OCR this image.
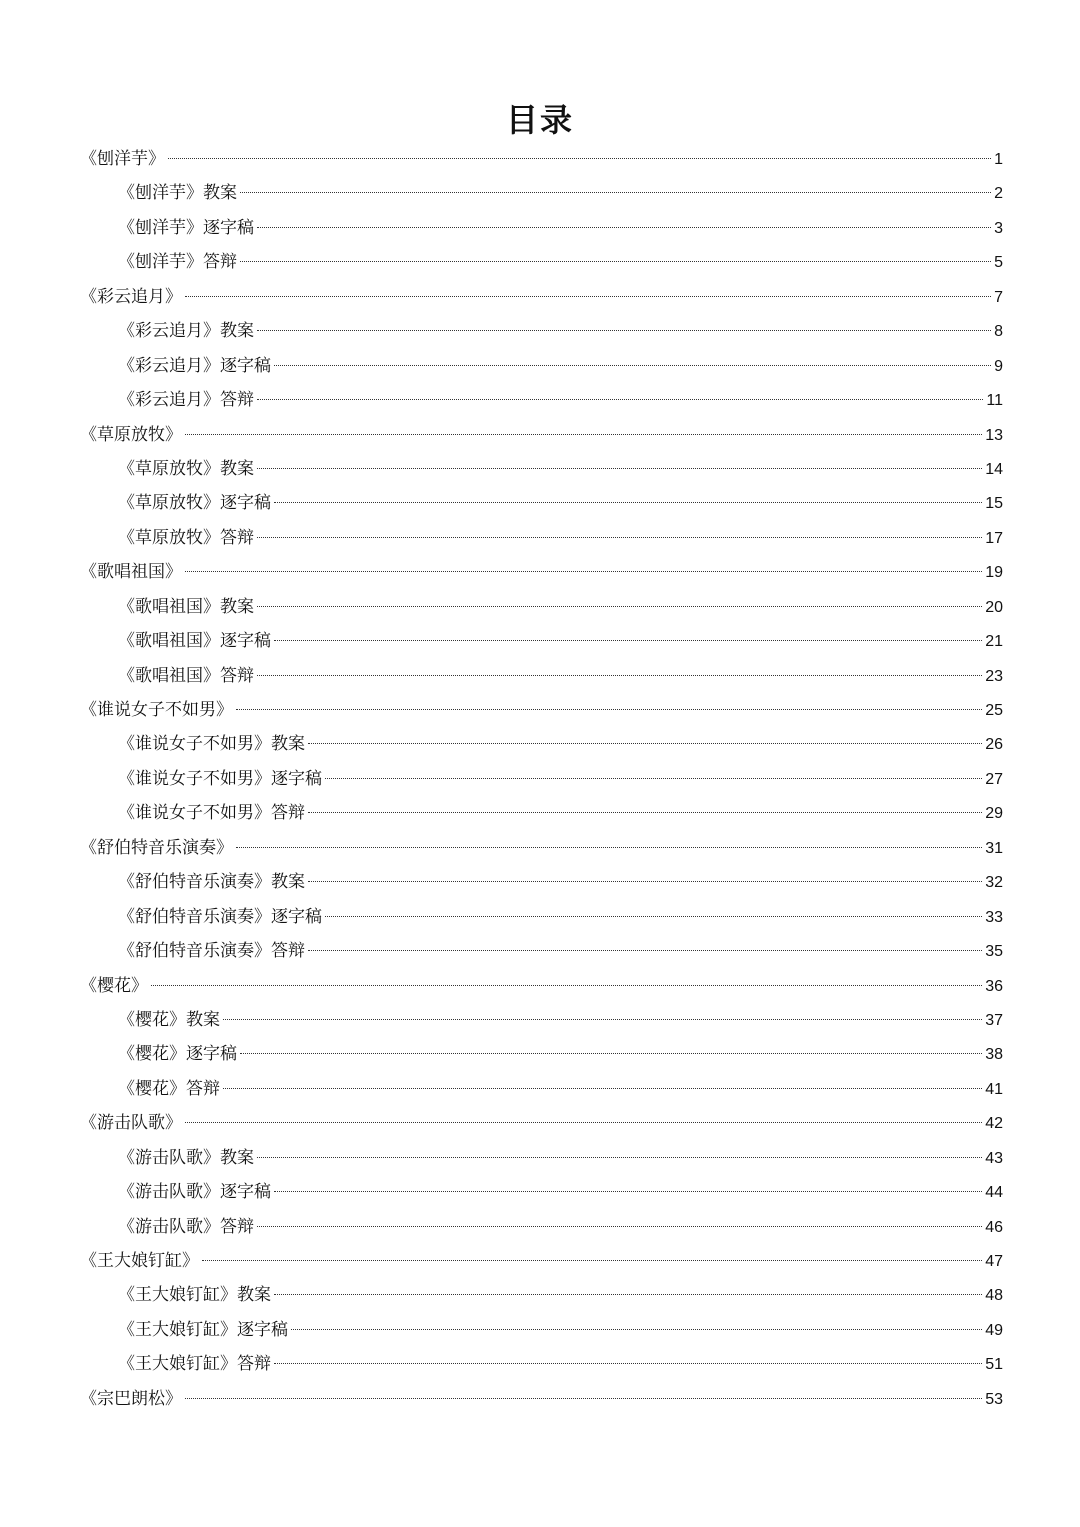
目录
《刨洋芋》	1
《刨洋芋》教案	2
《刨洋芋》逐字稿	3
《刨洋芋》答辩	5
《彩云追月》	7
《彩云追月》教案	8
《彩云追月》逐字稿	9
《彩云追月》答辩	11
《草原放牧》	13
《草原放牧》教案	14
《草原放牧》逐字稿	15
《草原放牧》答辩	17
《歌唱祖国》	19
《歌唱祖国》教案	20
《歌唱祖国》逐字稿	21
《歌唱祖国》答辩	23
《谁说女子不如男》	25
《谁说女子不如男》教案	26
《谁说女子不如男》逐字稿	27
《谁说女子不如男》答辩	29
《舒伯特音乐演奏》	31
《舒伯特音乐演奏》教案	32
《舒伯特音乐演奏》逐字稿	33
《舒伯特音乐演奏》答辩	35
《樱花》	36
《樱花》教案	37
《樱花》逐字稿	38
《樱花》答辩	41
《游击队歌》	42
《游击队歌》教案	43
《游击队歌》逐字稿	44
《游击队歌》答辩	46
《王大娘钉缸》	47
《王大娘钉缸》教案	48
《王大娘钉缸》逐字稿	49
《王大娘钉缸》答辩	51
《宗巴朗松》	53
